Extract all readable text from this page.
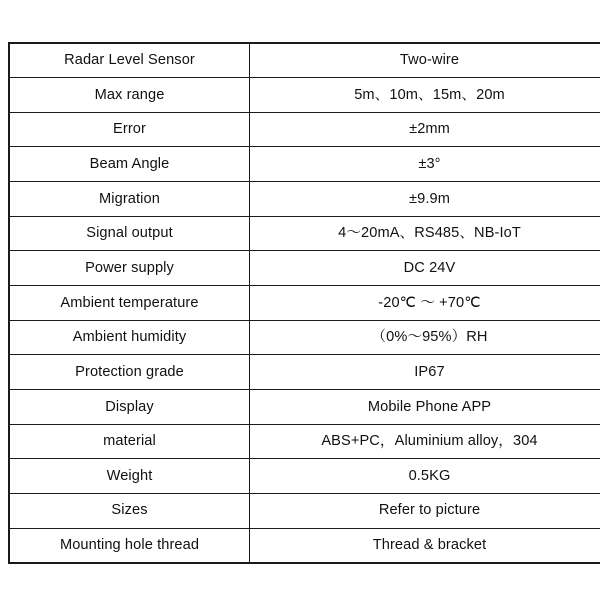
Radar Level Sensor	Two-wire
Max range	5m、10m、15m、20m
Error	±2mm
Beam Angle	±3°
Migration	±9.9m
Signal output	4～20mA、RS485、NB-IoT
Power supply	DC 24V
Ambient temperature	-20℃ ～ +70℃
Ambient humidity	（0%～95%）RH
Protection grade	IP67
Display	Mobile Phone APP
material	ABS+PC，Aluminium alloy，304
Weight	0.5KG
Sizes	Refer to picture
Mounting hole thread	Thread & bracket
